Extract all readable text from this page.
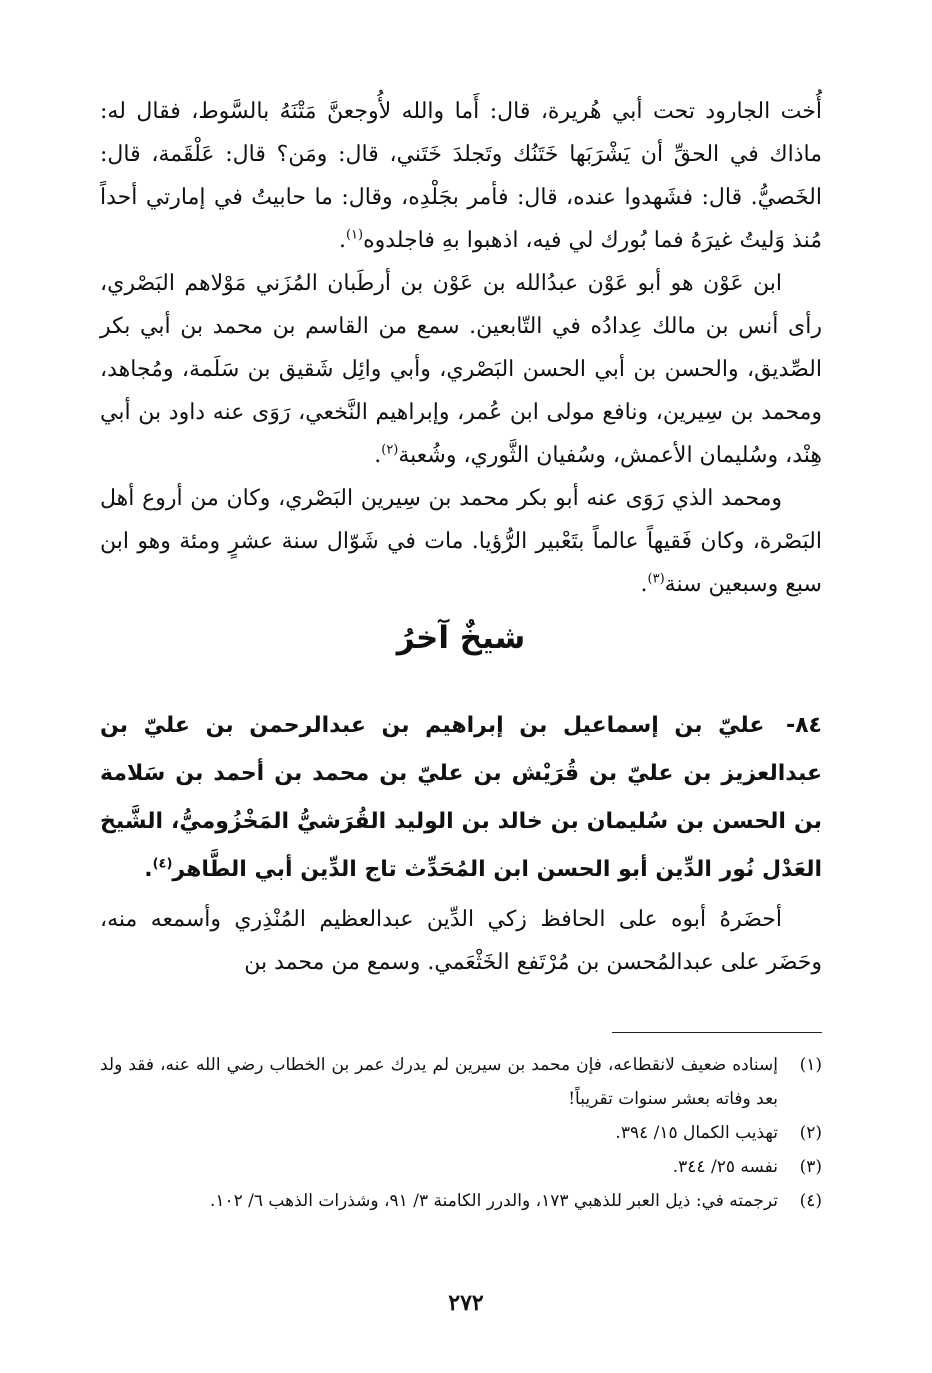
أُخت الجارود تحت أبي هُريرة، قال: أَما والله لأُوجعنَّ مَتْنَهُ بالسَّوط، فقال له: ماذاك في الحقِّ أن يَشْرَبَها خَتَنُك وتَجلدَ خَتَني، قال: ومَن؟ قال: عَلْقَمة، قال: الخَصيُّ. قال: فشَهدوا عنده، قال: فأمر بجَلْدِه، وقال: ما حابيتُ في إمارتي أحداً مُنذ وَليتُ غيرَهُ فما بُورك لي فيه، اذهبوا بهِ فاجلدوه$^{(١)}$.

ابن عَوْن هو أبو عَوْن عبدُالله بن عَوْن بن أرطَبان المُزَني مَوْلاهم البَصْري، رأى أنس بن مالك عِدادُه في التّابعين. سمع من القاسم بن محمد بن أبي بكر الصِّديق، والحسن بن أبي الحسن البَصْري، وأبي وائِل شَقيق بن سَلَمة، ومُجاهد، ومحمد بن سِيرين، ونافع مولى ابن عُمر، وإبراهيم النَّخعي، رَوَى عنه داود بن أبي هِنْد، وسُليمان الأعمش، وسُفيان الثَّوري، وشُعبة$^{(٢)}$.

ومحمد الذي رَوَى عنه أبو بكر محمد بن سِيرين البَصْري، وكان من أروع أهل البَصْرة، وكان فَقيهاً عالماً بتَعْبير الرُّؤيا. مات في شَوّال سنة عشرٍ ومئة وهو ابن سبع وسبعين سنة$^{(٣)}$.

شيخٌ آخرُ

٨٤- عليّ بن إسماعيل بن إبراهيم بن عبدالرحمن بن عليّ بن عبدالعزيز بن عليّ بن قُرَيْش بن عليّ بن محمد بن أحمد بن سَلامة بن الحسن بن سُليمان بن خالد بن الوليد القُرَشيُّ المَخْزُوميُّ، الشَّيخ العَدْل نُور الدِّين أبو الحسن ابن المُحَدِّث تاج الدِّين أبي الطَّاهر$^{(٤)}$.

أحضَرهُ أبوه على الحافظ زكي الدِّين عبدالعظيم المُنْذِري وأسمعه منه، وحَضَر على عبدالمُحسن بن مُرْتَفع الخَثْعَمي. وسمع من محمد بن

(١)
إسناده ضعيف لانقطاعه، فإن محمد بن سيرين لم يدرك عمر بن الخطاب رضي الله عنه، فقد ولد بعد وفاته بعشر سنوات تقريباً!
(٢)
تهذيب الكمال ١٥/ ٣٩٤.
(٣)
نفسه ٢٥/ ٣٤٤.
(٤)
ترجمته في: ذيل العبر للذهبي ١٧٣، والدرر الكامنة ٣/ ٩١، وشذرات الذهب ٦/ ١٠٢.
٢٧٢
